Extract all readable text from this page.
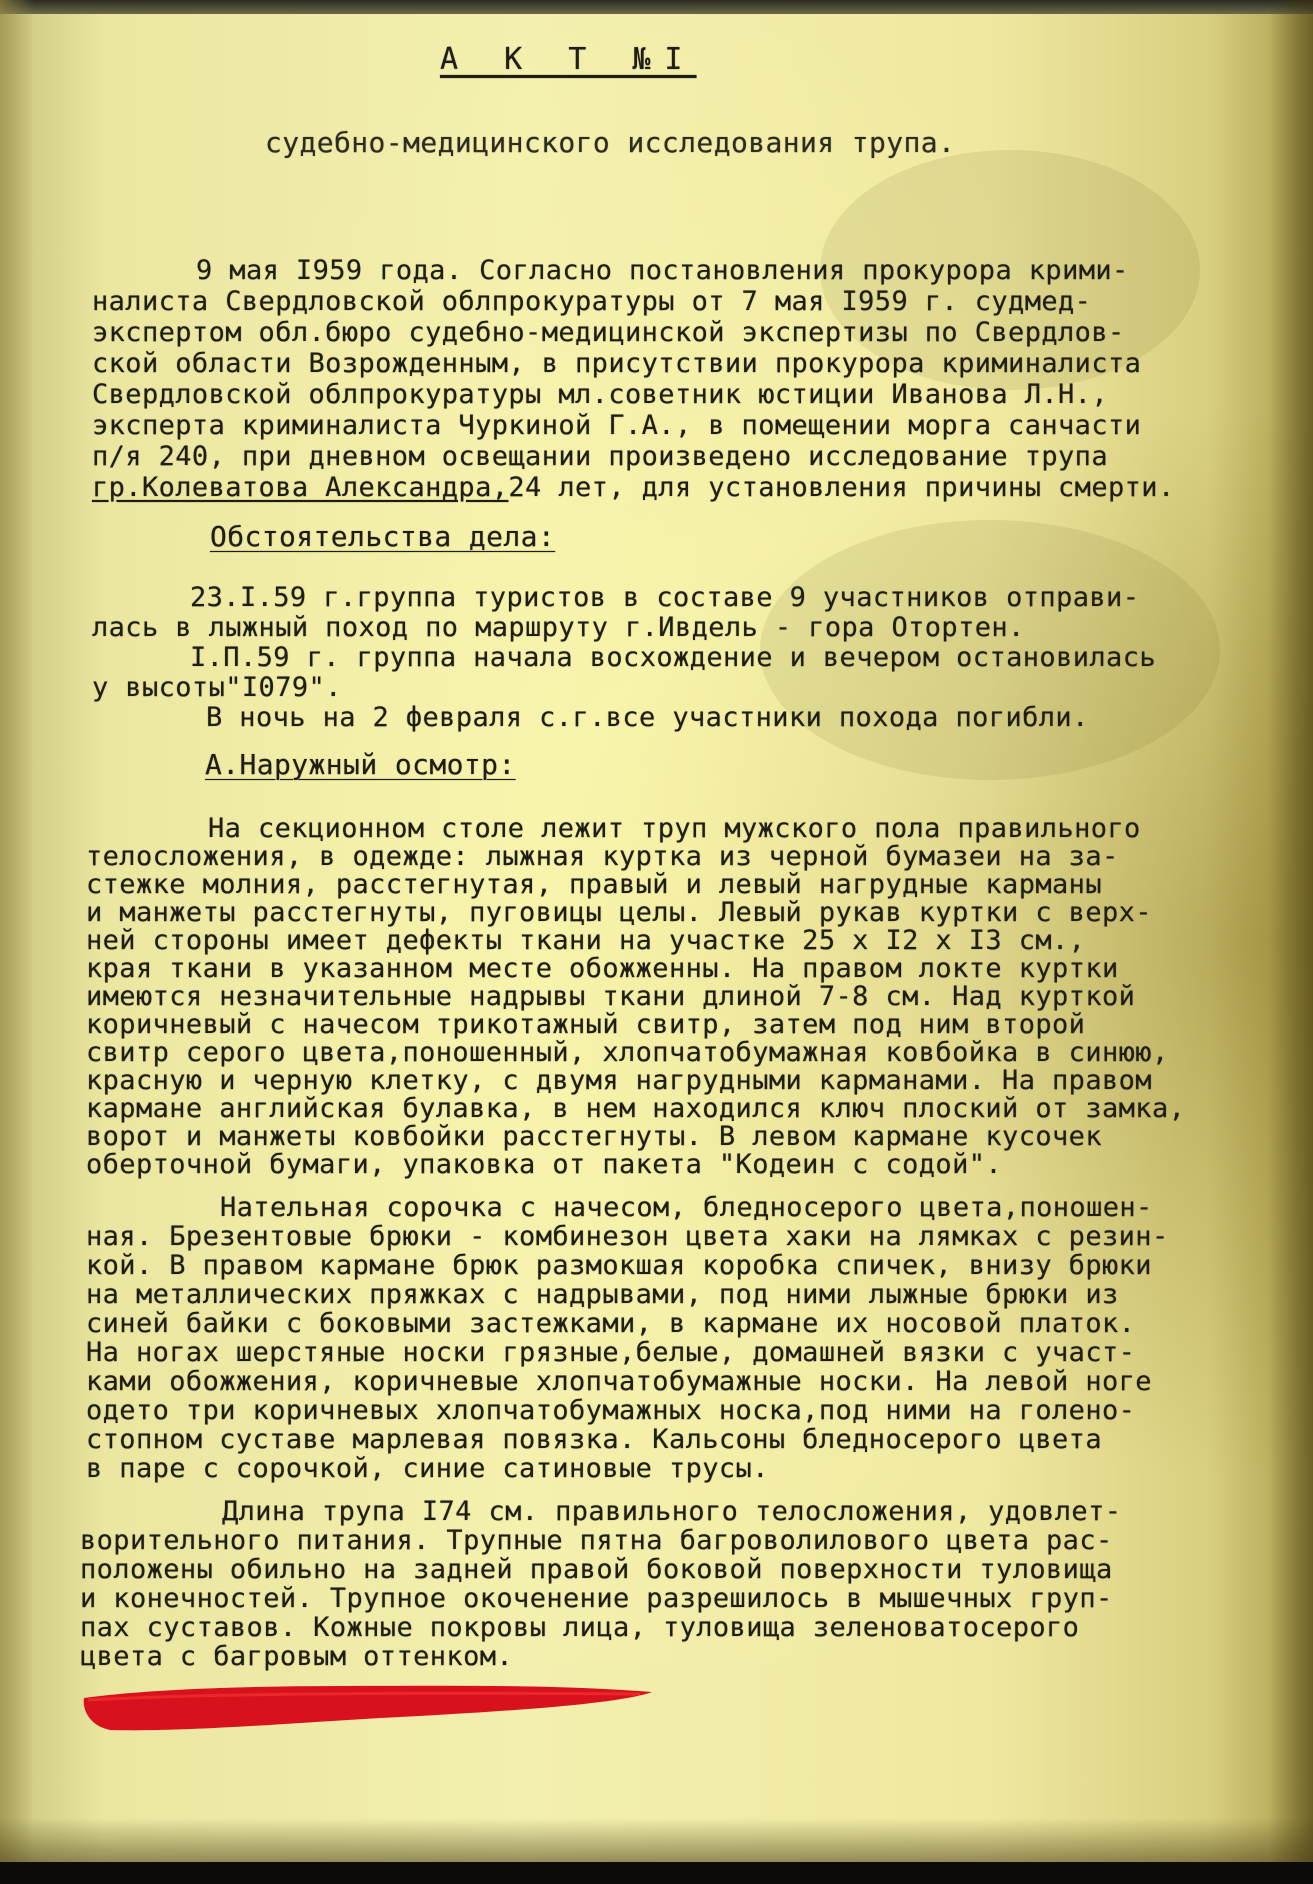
А К Т №I
судебно-медицинского исследования трупа.
9 мая I959 года. Согласно постановления прокурора крими-
налиста Свердловской облпрокуратуры от 7 мая I959 г. судмед-
экспертом обл.бюро судебно-медицинской экспертизы по Свердлов-
ской области Возрожденным, в присутствии прокурора криминалиста
Свердловской облпрокуратуры мл.советник юстиции Иванова Л.Н.,
эксперта криминалиста Чуркиной Г.А., в помещении морга санчасти
п/я 240, при дневном освещании произведено исследование трупа
гр.Колеватова Александра,24 лет, для установления причины смерти.
Обстоятельства дела:
23.I.59 г.группа туристов в составе 9 участников отправи-
лась в лыжный поход по маршруту г.Ивдель - гора Отортен.
I.П.59 г. группа начала восхождение и вечером остановилась
у высоты"I079".
В ночь на 2 февраля с.г.все участники похода погибли.
А.Наружный осмотр:
На секционном столе лежит труп мужского пола правильного
телосложения, в одежде: лыжная куртка из черной бумазеи на за-
стежке молния, расстегнутая, правый и левый нагрудные карманы
и манжеты расстегнуты, пуговицы целы. Левый рукав куртки с верх-
ней стороны имеет дефекты ткани на участке 25 х I2 х I3 см.,
края ткани в указанном месте обожженны. На правом локте куртки
имеются незначительные надрывы ткани длиной 7-8 см. Над курткой
коричневый с начесом трикотажный свитр, затем под ним второй
свитр серого цвета,поношенный, хлопчатобумажная ковбойка в синюю,
красную и черную клетку, с двумя нагрудными карманами. На правом
кармане английская булавка, в нем находился ключ плоский от замка,
ворот и манжеты ковбойки расстегнуты. В левом кармане кусочек
оберточной бумаги, упаковка от пакета "Кодеин с содой".
Нательная сорочка с начесом, бледносерого цвета,поношен-
ная. Брезентовые брюки - комбинезон цвета хаки на лямках с резин-
кой. В правом кармане брюк размокшая коробка спичек, внизу брюки
на металлических пряжках с надрывами, под ними лыжные брюки из
синей байки с боковыми застежками, в кармане их носовой платок.
На ногах шерстяные носки грязные,белые, домашней вязки с участ-
ками обожжения, коричневые хлопчатобумажные носки. На левой ноге
одето три коричневых хлопчатобумажных носка,под ними на голено-
стопном суставе марлевая повязка. Кальсоны бледносерого цвета
в паре с сорочкой, синие сатиновые трусы.
Длина трупа I74 см. правильного телосложения, удовлет-
ворительного питания. Трупные пятна багроволилового цвета рас-
положены обильно на задней правой боковой поверхности туловища
и конечностей. Трупное окоченение разрешилось в мышечных груп-
пах суставов. Кожные покровы лица, туловища зеленоватосерого
цвета с багровым оттенком.
